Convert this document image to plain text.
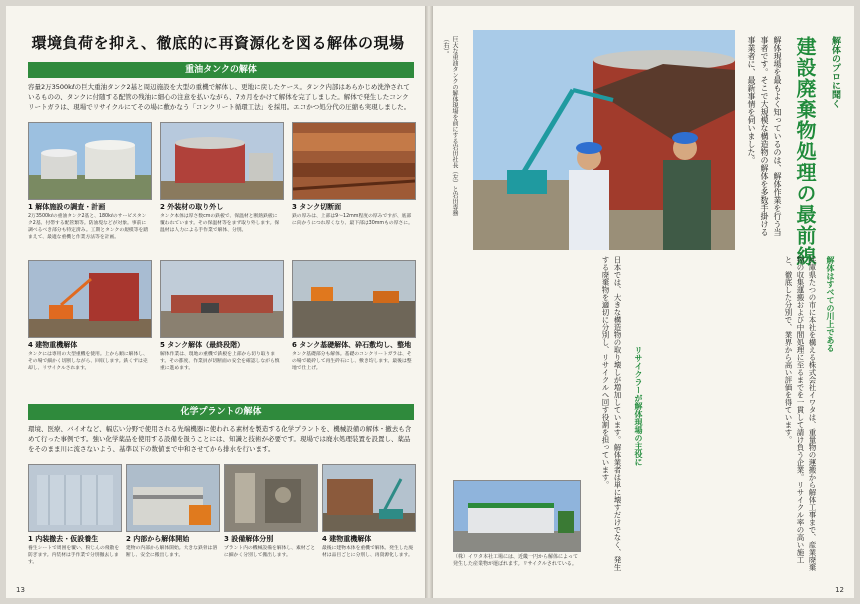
環境負荷を抑え、徹底的に再資源化を図る解体の現場
重油タンクの解体
容量2万3500kℓの巨大重油タンク2基と周辺施設を大型の重機で解体し、更地に戻したケース。タンク内部はあらかじめ洗浄されているものの、タンクに付随する配管の残油に細心の注意を払いながら、7カ月をかけて解体を完了しました。解体で発生したコンクリートガラは、現場でリサイクルにてその場に敷かなう「コンクリート循環工法」を採用。エコかつ処分代の圧縮も実現しました。
1 解体施設の調査・計画
2万3500kℓの重油タンク2基と、180kℓのサービスタンク2基、付帯する配管類等。防油堤などが対象。事前に調べるべき部分も特定済み。工期とタンクの規模等を踏まえて、最適な重機と作業方法等を計画。
2 外装材の取り外し
タンク本体は厚さ数cmの鉄板で、保温材と断熱鉄板に覆われています。その保温材等をまず取り外します。保温材は人力による手作業で解体、分別。
3 タンク切断面
鉄の厚みは、上部は9〜12mm程度の厚みですが、底部に向かうにつれ厚くなり、最下部は30mmもの厚さに。
4 建物重機解体
タンクには専用の大型重機を使用。上から順に解体し、その場で細かく切断しながら、回収します。鉄くずは売却し、リサイクルされます。
5 タンク解体（最終段階）
解体作業は、現地の重機で鉄板を上部から切り取ります。その都度、作業員が切断面の安全を確認しながら慎重に進めます。
6 タンク基礎解体、砕石敷均し、整地
タンク基礎部分も解体。基礎のコンクリートガラは、その場で破砕して再生砕石にし、敷き均します。最後は整地で仕上げ。
化学プラントの解体
環境、医療、バイオなど、幅広い分野で使用される先端機器に使われる素材を製造する化学プラントを、機械設備の解体・撤去も含めて行った事例です。強い化学薬品を使用する設備を扱うことには、知識と技術が必要です。現場では廃水処理装置を設置し、薬品をそのまま川に流さないよう、基準以下の数値まで中和させてから排水を行います。
1 内装撤去・仮設養生
養生シートで周囲を覆い、粉じんの飛散を防ぎます。内装材は手作業で分別撤去します。
2 内部から解体開始
建物の内部から解体開始。大きな鉄骨は溶断し、安全に搬出します。
3 設備解体分別
プラント内の機械設備を解体し、素材ごとに細かく分別して搬出します。
4 建物重機解体
最後に建物本体を重機で解体。発生した廃材は品目ごとに分別し、再資源化します。
13
巨大な重油タンクの解体現場を前にする岩田社長（左）と岩田専務（右）。	解体のプロに聞く
建設廃棄物処理の最前線
解体現場を最もよく知っているのは、解体作業を行う当事者です。そこで大規模な構造物の解体を多数手掛ける事業者に、最新事情を伺いました。
解体はすべての川上である
兵庫県たつの市に本社を構える株式会社イワタは、重量物の運搬から解体工事まで、産業廃棄物の収集運搬および中間処理に至るまでを一貫して請け負う企業。リサイクル率の高い施工と、徹底した分別で、業界から高い評価を得ています。
リサイクラーが解体現場の主役に
日本では、大きな構造物の取り壊しが増加しています。解体業者は単に壊すだけでなく、発生する廃棄物を適切に分別し、リサイクルへ回す役割を担っています。
（株）イワタ本社工場には、近畿一円から解体によって発生した産業物が運ばれます。リサイクルされている。
12
